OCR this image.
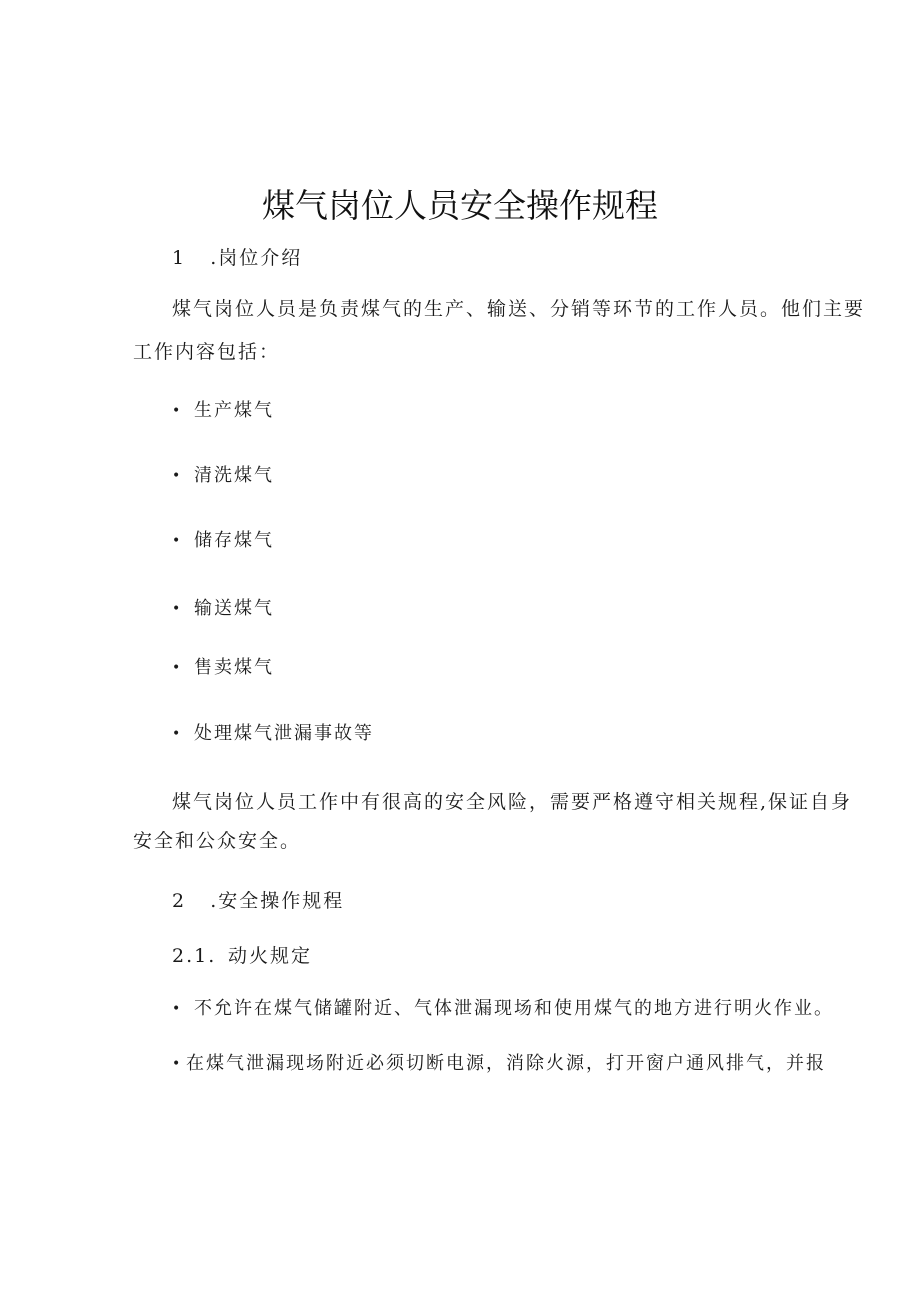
煤气岗位人员安全操作规程
1 .岗位介绍
煤气岗位人员是负责煤气的生产、输送、分销等环节的工作人员。他们主要
工作内容包括：
• 生产煤气
• 清洗煤气
• 储存煤气
• 输送煤气
• 售卖煤气
• 处理煤气泄漏事故等
煤气岗位人员工作中有很高的安全风险，需要严格遵守相关规程,保证自身
安全和公众安全。
2 .安全操作规程
2.1. 动火规定
• 不允许在煤气储罐附近、气体泄漏现场和使用煤气的地方进行明火作业。
• 在煤气泄漏现场附近必须切断电源，消除火源，打开窗户通风排气，并报
